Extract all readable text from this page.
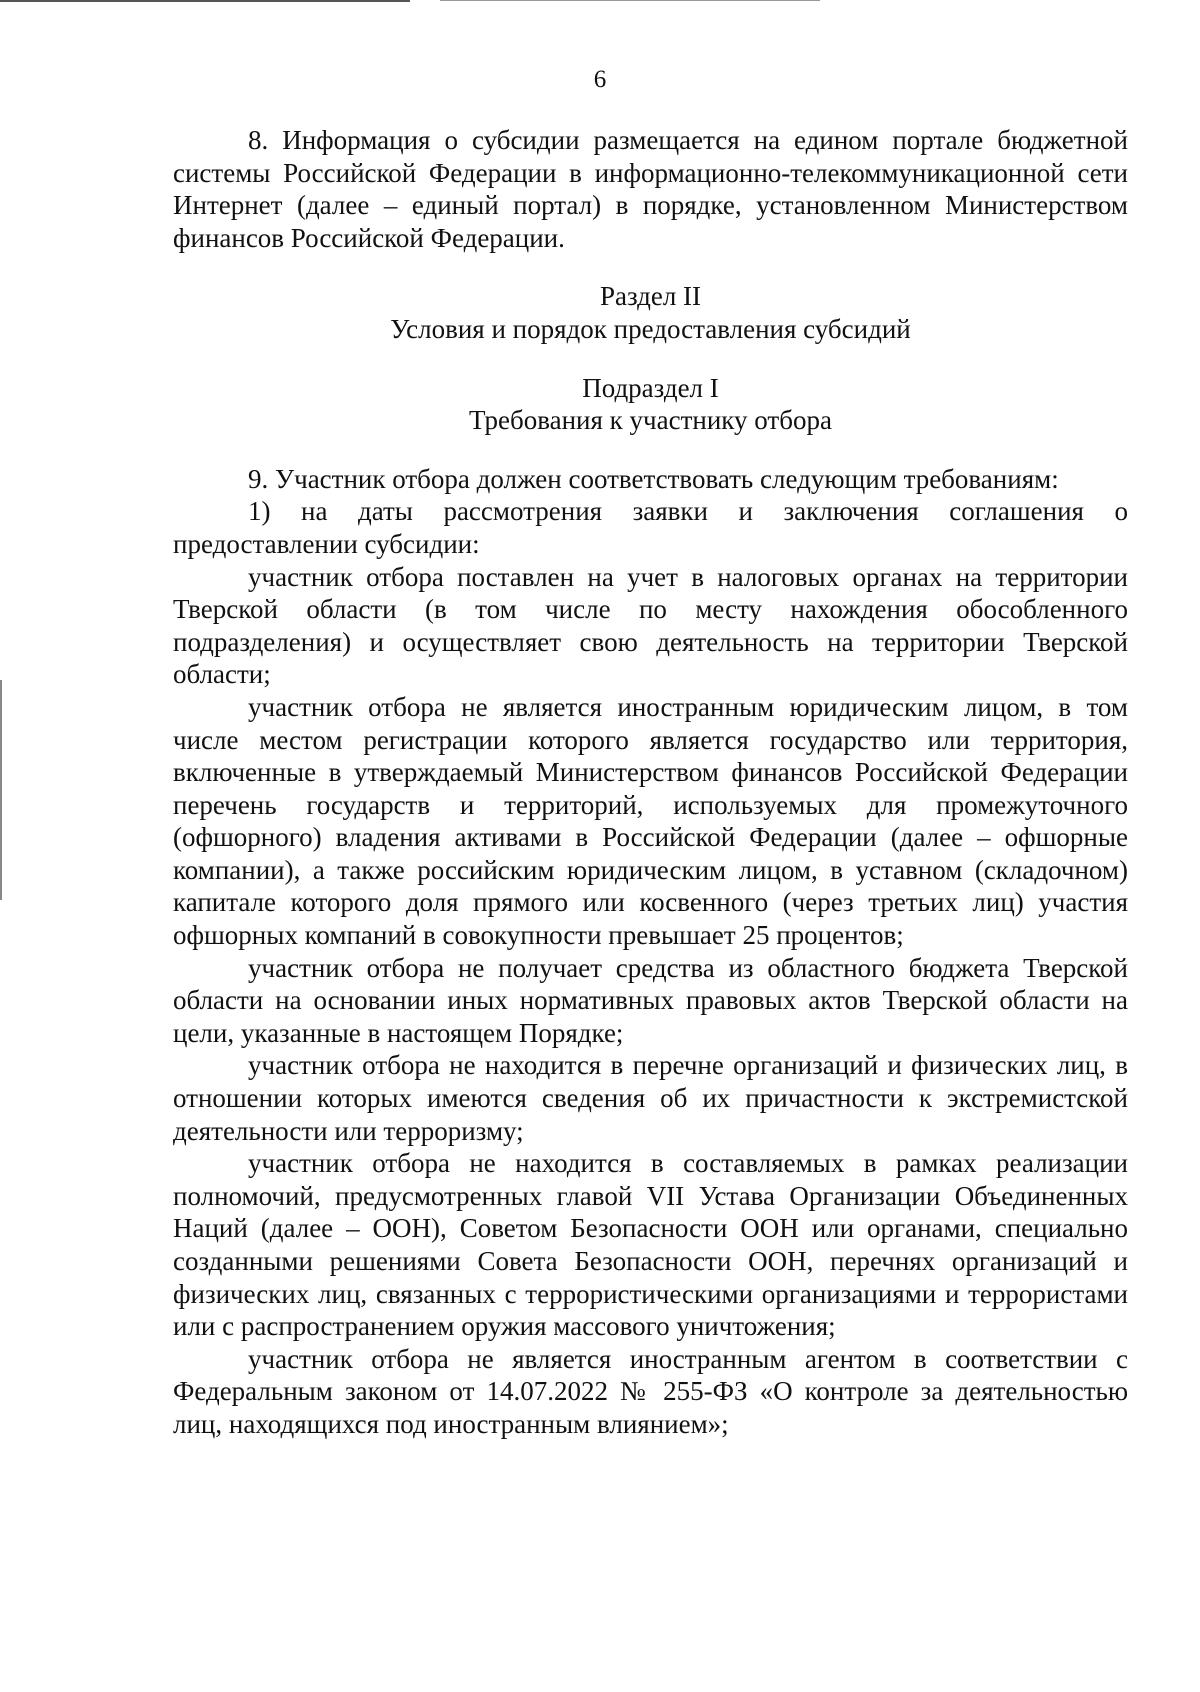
6

8. Информация о субсидии размещается на едином портале бюджетной системы Российской Федерации в информационно-телекоммуникационной сети Интернет (далее – единый портал) в порядке, установленном Министерством финансов Российской Федерации.

Раздел II

Условия и порядок предоставления субсидий

Подраздел I

Требования к участнику отбора

9. Участник отбора должен соответствовать следующим требованиям:

1) на даты рассмотрения заявки и заключения соглашения о предоставлении субсидии:

участник отбора поставлен на учет в налоговых органах на территории Тверской области (в том числе по месту нахождения обособленного подразделения) и осуществляет свою деятельность на территории Тверской области;

участник отбора не является иностранным юридическим лицом, в том числе местом регистрации которого является государство или территория, включенные в утверждаемый Министерством финансов Российской Федерации перечень государств и территорий, используемых для промежуточного (офшорного) владения активами в Российской Федерации (далее – офшорные компании), а также российским юридическим лицом, в уставном (складочном) капитале которого доля прямого или косвенного (через третьих лиц) участия офшорных компаний в совокупности превышает 25 процентов;

участник отбора не получает средства из областного бюджета Тверской области на основании иных нормативных правовых актов Тверской области на цели, указанные в настоящем Порядке;

участник отбора не находится в перечне организаций и физических лиц, в отношении которых имеются сведения об их причастности к экстремистской деятельности или терроризму;

участник отбора не находится в составляемых в рамках реализации полномочий, предусмотренных главой VII Устава Организации Объединенных Наций (далее – ООН), Советом Безопасности ООН или органами, специально созданными решениями Совета Безопасности ООН, перечнях организаций и физических лиц, связанных с террористическими организациями и террористами или с распространением оружия массового уничтожения;

участник отбора не является иностранным агентом в соответствии с Федеральным законом от 14.07.2022 № 255-ФЗ «О контроле за деятельностью лиц, находящихся под иностранным влиянием»;
